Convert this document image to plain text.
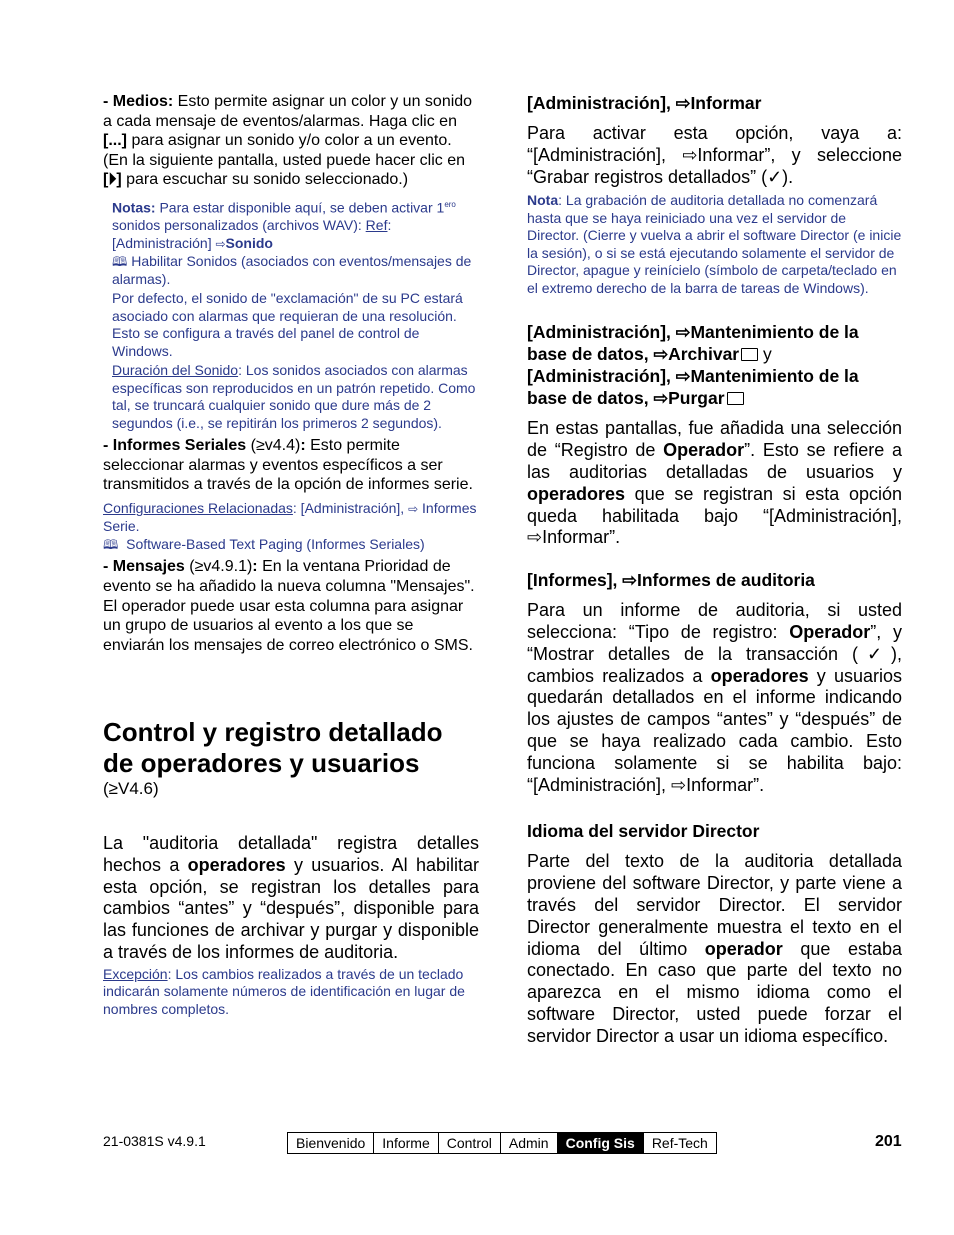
- Medios: Esto permite asignar un color y un sonido a cada mensaje de eventos/alarmas. Haga clic en [...] para asignar un sonido y/o color a un evento. (En la siguiente pantalla, usted puede hacer clic en [⏵] para escuchar su sonido seleccionado.)

Notas: Para estar disponible aquí, se deben activar $1^{ero}$ sonidos personalizados (archivos WAV): Ref: [Administración] ⇨Sonido

🕮 Habilitar Sonidos (asociados con eventos/mensajes de alarmas).

Por defecto, el sonido de "exclamación" de su PC estará asociado con alarmas que requieran de una resolución. Esto se configura a través del panel de control de Windows.

Duración del Sonido: Los sonidos asociados con alarmas específicas son reproducidos en un patrón repetido. Como tal, se truncará cualquier sonido que dure más de 2 segundos (i.e., se repitirán los primeros 2 segundos).

- Informes Seriales (≥v4.4): Esto permite seleccionar alarmas y eventos específicos a ser transmitidos a través de la opción de informes serie.

Configuraciones Relacionadas: [Administración], ⇨ Informes Serie.

🕮 Software-Based Text Paging (Informes Seriales)

- Mensajes (≥v4.9.1): En la ventana Prioridad de evento se ha añadido la nueva columna "Mensajes". El operador puede usar esta columna para asignar un grupo de usuarios al evento a los que se enviarán los mensajes de correo electrónico o SMS.

Control y registro detallado de operadores y usuarios

(≥V4.6)

La "auditoria detallada" registra detalles hechos a operadores y usuarios. Al habilitar esta opción, se registran los detalles para cambios “antes” y “después”, disponible para las funciones de archivar y purgar y disponible a través de los informes de auditoria.

Excepción: Los cambios realizados a través de un teclado indicarán solamente números de identificación en lugar de nombres completos.

[Administración], ⇨Informar

Para activar esta opción, vaya a: “[Administración], ⇨Informar”, y seleccione “Grabar registros detallados” (✓).

Nota: La grabación de auditoria detallada no comenzará hasta que se haya reiniciado una vez el servidor de Director. (Cierre y vuelva a abrir el software Director (e inicie la sesión), o si se está ejecutando solamente el servidor de Director, apague y reinícielo (símbolo de carpeta/teclado en el extremo derecho de la barra de tareas de Windows).

[Administración], ⇨Mantenimiento de la base de datos, ⇨Archivar y [Administración], ⇨Mantenimiento de la base de datos, ⇨Purgar

En estas pantallas, fue añadida una selección de “Registro de Operador”. Esto se refiere a las auditorias detalladas de usuarios y operadores que se registran si esta opción queda habilitada bajo “[Administración], ⇨Informar”.

[Informes], ⇨Informes de auditoria

Para un informe de auditoria, si usted selecciona: “Tipo de registro: Operador”, y “Mostrar detalles de la transacción (✓), cambios realizados a operadores y usuarios quedarán detallados en el informe indicando los ajustes de campos “antes” y “después” de que se haya realizado cada cambio. Esto funciona solamente si se habilita bajo: “[Administración], ⇨Informar”.

Idioma del servidor Director

Parte del texto de la auditoria detallada proviene del software Director, y parte viene a través del servidor Director. El servidor Director generalmente muestra el texto en el idioma del último operador que estaba conectado. En caso que parte del texto no aparezca en el mismo idioma como el software Director, usted puede forzar el servidor Director a usar un idioma específico.

21-0381S v4.9.1	Bienvenido	Informe	Control	Admin	Config Sis	Ref-Tech	201
